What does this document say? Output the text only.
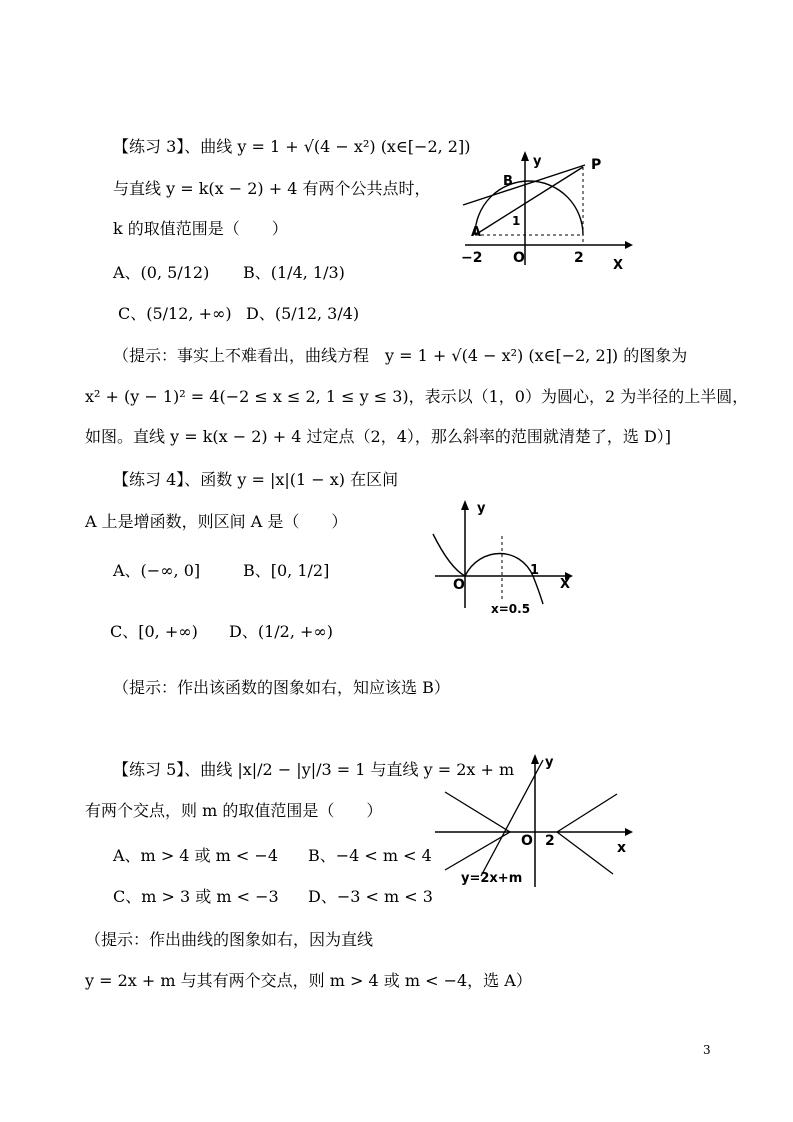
【练习 3】、曲线 y = 1 + √(4 − x²) (x∈[−2, 2])
与直线 y = k(x − 2) + 4 有两个公共点时，
k 的取值范围是（　　）
A、(0, 5/12) B、(1/4, 1/3)
C、(5/12, +∞) D、(5/12, 3/4)
（提示：事实上不难看出，曲线方程　y = 1 + √(4 − x²) (x∈[−2, 2]) 的图象为
x² + (y − 1)² = 4(−2 ≤ x ≤ 2, 1 ≤ y ≤ 3)，表示以（1，0）为圆心，2 为半径的上半圆，
如图。直线 y = k(x − 2) + 4 过定点（2，4），那么斜率的范围就清楚了，选 D）]
y	P
B
1
A
−2 O	2 X
【练习 4】、函数 y = |x|(1 − x) 在区间
A 上是增函数，则区间 A 是（　　）
A、(−∞, 0]	B、[0, 1/2]
C、[0, +∞) D、(1/2, +∞)
（提示：作出该函数的图象如右，知应该选 B）
y
O
1
X
x=0.5
【练习 5】、曲线 |x|/2 − |y|/3 = 1 与直线 y = 2x + m
有两个交点，则 m 的取值范围是（　　）
A、m > 4 或 m < −4 B、−4 < m < 4
C、m > 3 或 m < −3 D、−3 < m < 3
（提示：作出曲线的图象如右，因为直线
y = 2x + m 与其有两个交点，则 m > 4 或 m < −4，选 A）
y
O 2	x
y=2x+m
3
